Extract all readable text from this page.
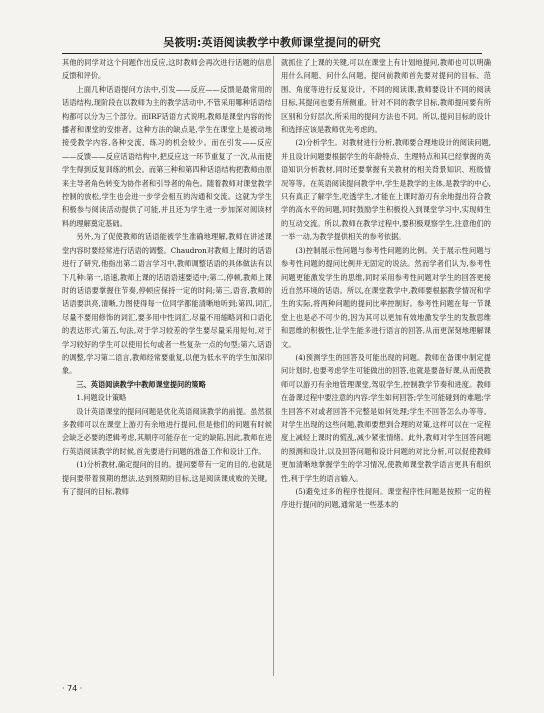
吴筱明:英语阅读教学中教师课堂提问的研究

其他的同学对这个问题作出反应,这时教师会再次进行话题的信息反馈和评价。

上面几种话语提问方法中,引发——反应——反馈是最常用的话语结构,现阶段在以教师为主的教学活动中,不管采用哪种话语结构都可以分为三个部分。而IRF话语方式说明,教师是课堂内容的传播者和课堂的安排者。这种方法的缺点是,学生在课堂上是被动地接受教学内容,各种交流、练习的机会较少。而在引发——反应——反馈——反应话语结构中,把反应这一环节重复了一次,从而使学生得到反复训练的机会。而第三种和第四种话语结构把教师由原来主导者角色转变为协作者和引导者的角色。随着教师对课堂教学控制的放松,学生也会进一步学会相互的沟通和交流。这就为学生积极参与阅读活动提供了可能,并且还为学生进一步加深对阅读材料的理解奠定基础。

另外,为了促使教师的话语能被学生准确地理解,教师在讲述课堂内容时要经常进行话语的调整。Chaudron对教师上课时的话语进行了研究,他指出第二语言学习中,教师调整话语的具体做法有以下几种:第一,语速,教师上课的话语语速要适中;第二,停顿,教师上课时的话语要掌握住节奏,停顿应保持一定的时间;第三,语音,教师的话语要洪亮,清晰,力图使得每一位同学都能清晰地听到;第四,词汇,尽量不要用修饰的词汇,要多用中性词汇,尽量不用缩略词和口语化的表达形式;第五,句法,对于学习较差的学生要尽量采用短句,对于学习较好的学生可以使用长句或者一些复杂一点的句型;第六,话语的调整,学习第二语言,教师经常要重复,以便为低水平的学生加深印象。

三、英语阅读教学中教师课堂提问的策略

1.问题设计策略

设计英语课堂的提问问题是优化英语阅读教学的前提。虽然很多教师可以在课堂上游刃有余地进行提问,但是他们的问题有时候会缺乏必要的逻辑考虑,其顺序可能存在一定的缺陷,因此,教师在进行英语阅读教学的时候,首先要进行问题的准备工作和设计工作。

(1)分析教材,确定提问的目的。提问要带有一定的目的,也就是提问要带着预期的想法,达到预期的目标,这是阅读课成败的关键。有了提问的目标,教师

就抓住了上课的关键,可以在课堂上有计划地提问,教师也可以明确用什么问题、问什么问题。提问前教师首先要对提问的目标、范围、角度等进行反复设计。不同的阅读课,教师要设计不同的阅读目标,其提问也要有所侧重。针对不同的教学目标,教师提问要有所区别和分好层次,所采用的提问方法也不同。所以,提问目标的设计和选择应该是教师优先考虑的。

(2)分析学生。对教材进行分析,教师要合理地设计的阅读问题,并且设计问题要根据学生的年龄特点、生理特点和其已经掌握的英语知识分析教材,同时还要掌握有关教材的相关背景知识、班级情况等等。在英语阅读提问教学中,学生是教学的主体,是教学的中心,只有真正了解学生,吃透学生,才能在上课时游刃有余地提出符合教学的高水平的问题,同时鼓励学生积极投入到课堂学习中,实现师生的互动交流。所以,教师在教学过程中,要积极观察学生,注意他们的一举一动,为教学提供相关的参考依据。

(3)控制展示性问题与参考性问题的比例。关于展示性问题与参考性问题的提问比例并无固定的说法。然而学者们认为,参考性问题更能激发学生的思维,同时采用参考性问题对学生的回答更接近自然环境的话语。所以,在课堂教学中,教师要根据教学情况和学生的实际,将两种问题的提问比率控制好。参考性问题在每一节课堂上也是必不可少的,因为其可以更加有效地激发学生的发散思维和思维的积极性,让学生能多进行语言的回答,从而更深刻地理解课文。

(4)预测学生的回答及可能出现的问题。教师在备课中制定提问计划时,也要考虑学生可能做出的回答,也就是要备好课,从而使教师可以游刃有余地管理课堂,驾驭学生,控制教学节奏和进度。教师在备课过程中要注意的内容:学生如何回答;学生可能碰到的难题;学生回答不对或者回答不完整是如何处理;学生不回答怎么办等等。对学生出现的这些问题,教师要想到合理的对策,这样可以在一定程度上减轻上课时的慌乱,减少紧张情绪。此外,教师对学生回答问题的预测和设计,以及回答问题和设计问题的对比分析,可以促使教师更加清晰地掌握学生的学习情况,使教师课堂教学语言更具有组织性,利于学生的语言输入。

(5)避免过多的程序性提问。课堂程序性问题是按照一定的程序进行提问的问题,通常是一些基本的

· 74 ·
